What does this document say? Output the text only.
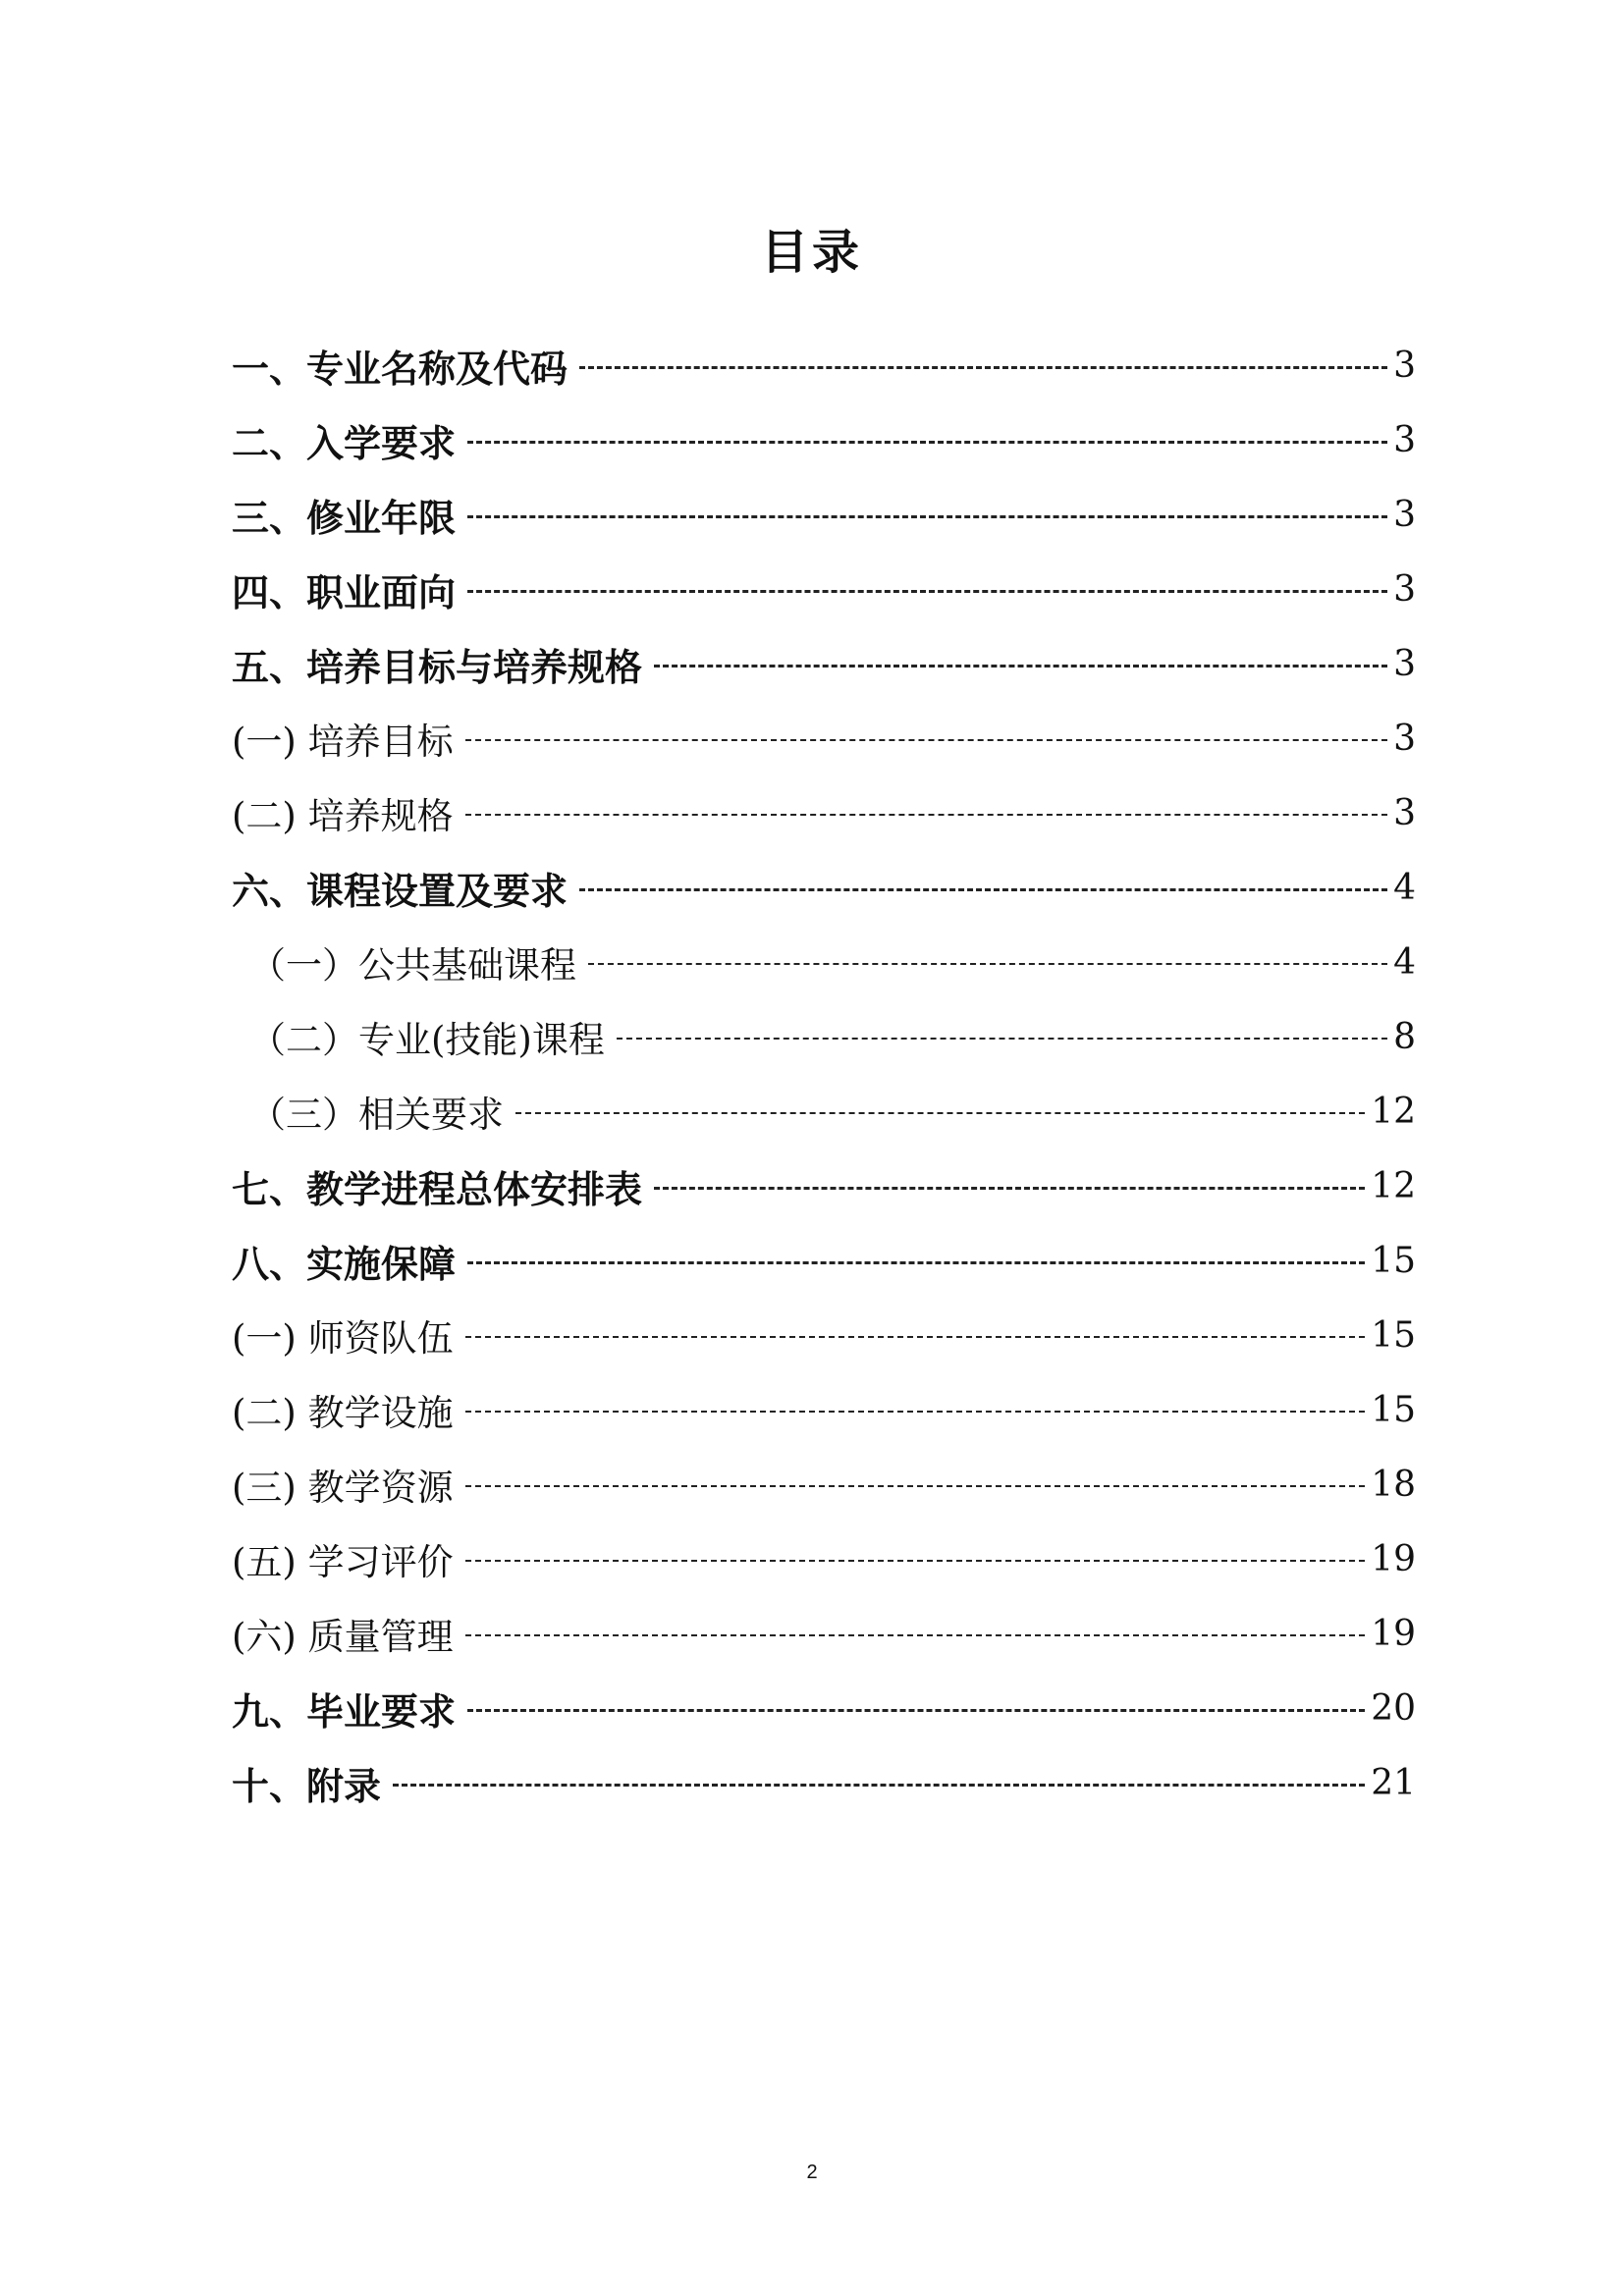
目录
一、专业名称及代码	3
二、入学要求	3
三、修业年限	3
四、职业面向	3
五、培养目标与培养规格	3
(一) 培养目标	3
(二) 培养规格	3
六、课程设置及要求	4
（一）公共基础课程	4
（二）专业(技能)课程	8
（三）相关要求	12
七、教学进程总体安排表	12
八、实施保障	15
(一) 师资队伍	15
(二) 教学设施	15
(三) 教学资源	18
(五) 学习评价	19
(六) 质量管理	19
九、毕业要求	20
十、附录	21
2
